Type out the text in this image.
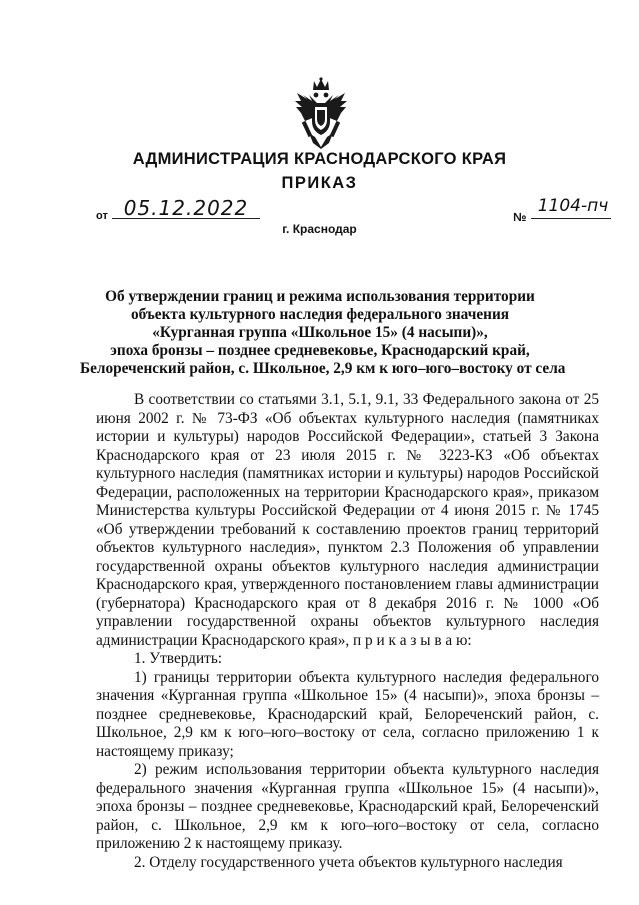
АДМИНИСТРАЦИЯ КРАСНОДАРСКОГО КРАЯ
ПРИКАЗ
от 05.12.2022	№
1104-пч
г. Краснодар
Об утверждении границ и режима использования территории
объекта культурного наследия федерального значения
«Курганная группа «Школьное 15» (4 насыпи)»,
эпоха бронзы – позднее средневековье, Краснодарский край,
Белореченский район, с. Школьное, 2,9 км к юго–юго–востоку от села

В соответствии со статьями 3.1, 5.1, 9.1, 33 Федерального закона от 25 июня 2002 г. № 73-ФЗ «Об объектах культурного наследия (памятниках истории и культуры) народов Российской Федерации», статьей 3 Закона Краснодарского края от 23 июля 2015 г. № 3223-КЗ «Об объектах культурного наследия (памятниках истории и культуры) народов Российской Федерации, расположенных на территории Краснодарского края», приказом Министерства культуры Российской Федерации от 4 июня 2015 г. № 1745 «Об утверждении требований к составлению проектов границ территорий объектов культурного наследия», пунктом 2.3 Положения об управлении государственной охраны объектов культурного наследия администрации Краснодарского края, утвержденного постановлением главы администрации (губернатора) Краснодарского края от 8 декабря 2016 г. № 1000 «Об управлении государственной охраны объектов культурного наследия администрации Краснодарского края», п р и к а з ы в а ю:

1. Утвердить:

1) границы территории объекта культурного наследия федерального значения «Курганная группа «Школьное 15» (4 насыпи)», эпоха бронзы – позднее средневековье, Краснодарский край, Белореченский район, с. Школьное, 2,9 км к юго–юго–востоку от села, согласно приложению 1 к настоящему приказу;

2) режим использования территории объекта культурного наследия федерального значения «Курганная группа «Школьное 15» (4 насыпи)», эпоха бронзы – позднее средневековье, Краснодарский край, Белореченский район, с. Школьное, 2,9 км к юго–юго–востоку от села, согласно приложению 2 к настоящему приказу.

2. Отделу государственного учета объектов культурного наследия
